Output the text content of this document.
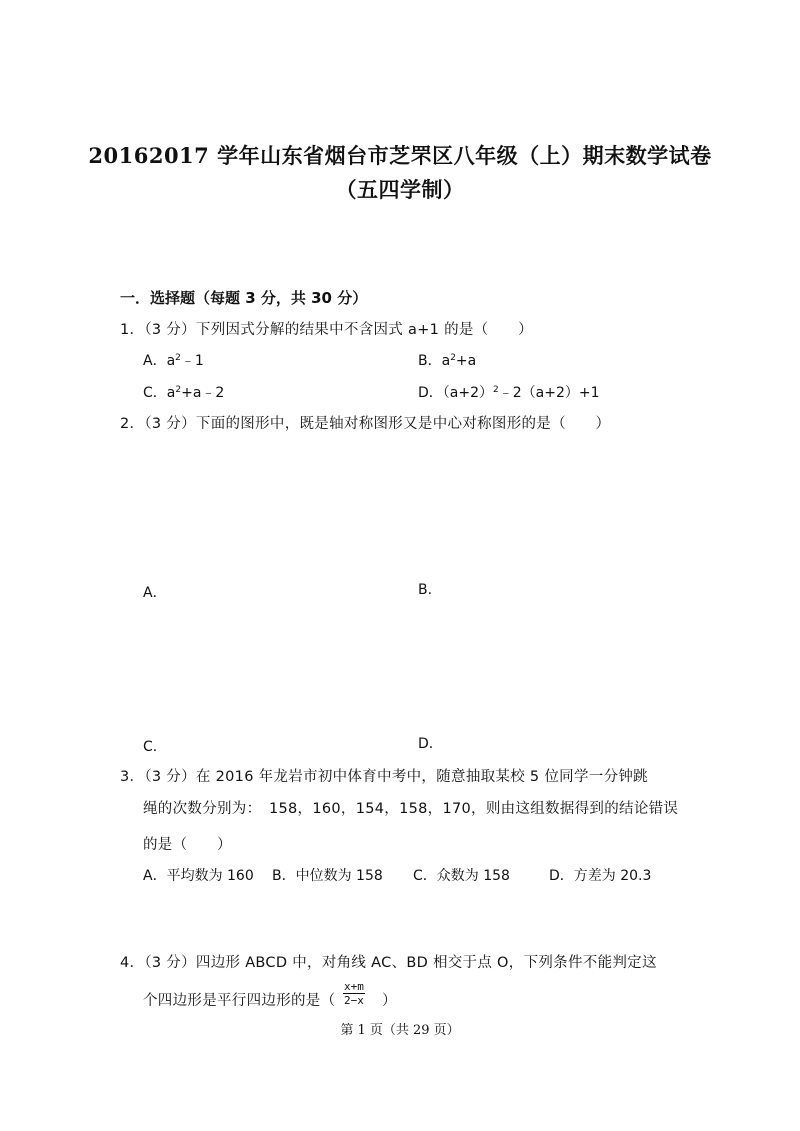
20162017 学年山东省烟台市芝罘区八年级（上）期末数学试卷
（五四学制）
一．选择题（每题 3 分，共 30 分）
1．（3 分）下列因式分解的结果中不含因式 a+1 的是（　　）
A．$a^2﹣1$	B．$a^2+a$
C．$a^2+a﹣2$	D．$(a+2)^2﹣2(a+2)+1$
2．（3 分）下面的图形中，既是轴对称图形又是中心对称图形的是（　　）
A．	B.
C．	D.
3．（3 分）在 2016 年龙岩市初中体育中考中，随意抽取某校 5 位同学一分钟跳
绳的次数分别为：　158，160，154，158，170，则由这组数据得到的结论错误
的是（　　）
A．平均数为 160 B．中位数为 158 C．众数为 158	D．方差为 20.3
4．（3 分）四边形 ABCD 中，对角线 AC、BD 相交于点 O，下列条件不能判定这
个四边形是平行四边形的是（ $\frac{x+m}{2-x}$ ）
第 1 页（共 29 页）
